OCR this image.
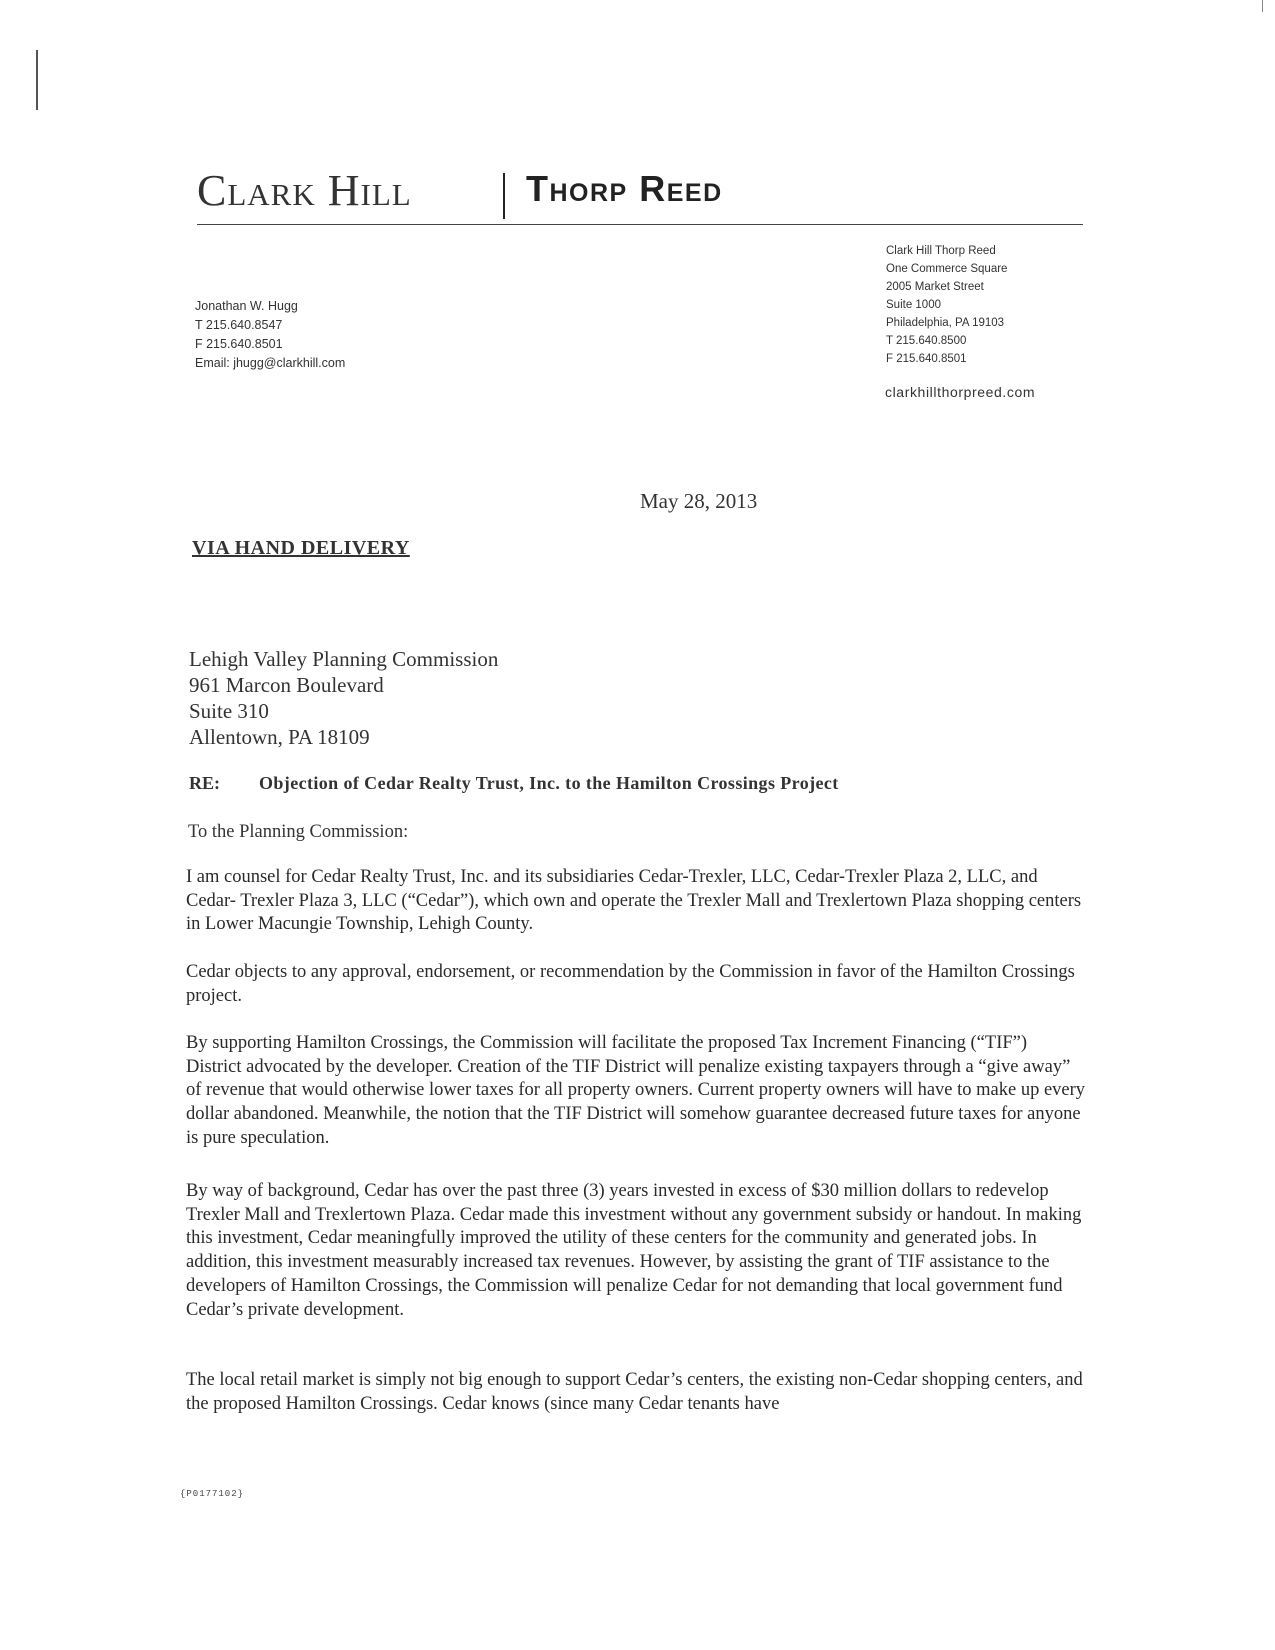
Clark Hill	Thorp Reed
Jonathan W. Hugg
T 215.640.8547
F 215.640.8501
Email: jhugg@clarkhill.com
Clark Hill Thorp Reed
One Commerce Square
2005 Market Street
Suite 1000
Philadelphia, PA 19103
T 215.640.8500
F 215.640.8501
clarkhillthorpreed.com
May 28, 2013
VIA HAND DELIVERY
Lehigh Valley Planning Commission
961 Marcon Boulevard
Suite 310
Allentown, PA 18109
RE: Objection of Cedar Realty Trust, Inc. to the Hamilton Crossings Project
To the Planning Commission:
I am counsel for Cedar Realty Trust, Inc. and its subsidiaries Cedar-Trexler, LLC, Cedar-Trexler Plaza 2, LLC, and Cedar- Trexler Plaza 3, LLC (“Cedar”), which own and operate the Trexler Mall and Trexlertown Plaza shopping centers in Lower Macungie Township, Lehigh County.
Cedar objects to any approval, endorsement, or recommendation by the Commission in favor of the Hamilton Crossings project.
By supporting Hamilton Crossings, the Commission will facilitate the proposed Tax Increment Financing (“TIF”) District advocated by the developer. Creation of the TIF District will penalize existing taxpayers through a “give away” of revenue that would otherwise lower taxes for all property owners. Current property owners will have to make up every dollar abandoned. Meanwhile, the notion that the TIF District will somehow guarantee decreased future taxes for anyone is pure speculation.
By way of background, Cedar has over the past three (3) years invested in excess of $30 million dollars to redevelop Trexler Mall and Trexlertown Plaza. Cedar made this investment without any government subsidy or handout. In making this investment, Cedar meaningfully improved the utility of these centers for the community and generated jobs. In addition, this investment measurably increased tax revenues. However, by assisting the grant of TIF assistance to the developers of Hamilton Crossings, the Commission will penalize Cedar for not demanding that local government fund Cedar’s private development.
The local retail market is simply not big enough to support Cedar’s centers, the existing non-Cedar shopping centers, and the proposed Hamilton Crossings. Cedar knows (since many Cedar tenants have
{P0177102}
